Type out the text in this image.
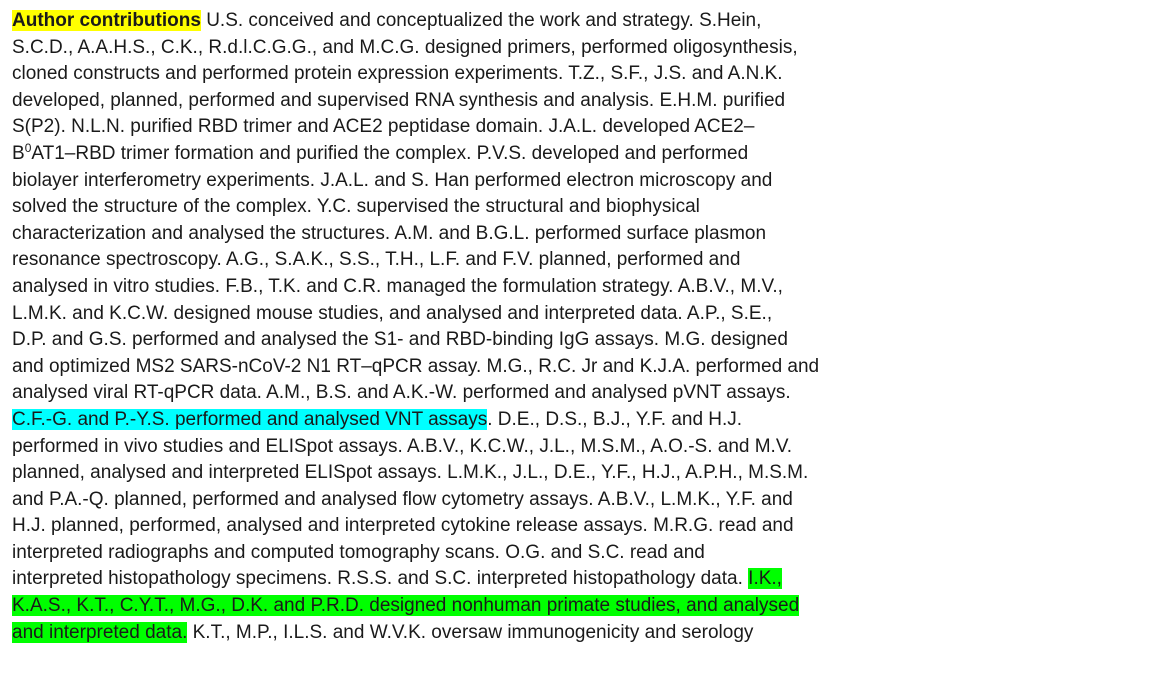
Author contributions U.S. conceived and conceptualized the work and strategy. S.Hein,
S.C.D., A.A.H.S., C.K., R.d.l.C.G.G., and M.C.G. designed primers, performed oligosynthesis,
cloned constructs and performed protein expression experiments. T.Z., S.F., J.S. and A.N.K.
developed, planned, performed and supervised RNA synthesis and analysis. E.H.M. purified
S(P2). N.L.N. purified RBD trimer and ACE2 peptidase domain. J.A.L. developed ACE2–
$B^0AT1$–RBD trimer formation and purified the complex. P.V.S. developed and performed
biolayer interferometry experiments. J.A.L. and S. Han performed electron microscopy and
solved the structure of the complex. Y.C. supervised the structural and biophysical
characterization and analysed the structures. A.M. and B.G.L. performed surface plasmon
resonance spectroscopy. A.G., S.A.K., S.S., T.H., L.F. and F.V. planned, performed and
analysed in vitro studies. F.B., T.K. and C.R. managed the formulation strategy. A.B.V., M.V.,
L.M.K. and K.C.W. designed mouse studies, and analysed and interpreted data. A.P., S.E.,
D.P. and G.S. performed and analysed the S1- and RBD-binding IgG assays. M.G. designed
and optimized MS2 SARS-nCoV-2 N1 RT–qPCR assay. M.G., R.C. Jr and K.J.A. performed and
analysed viral RT-qPCR data. A.M., B.S. and A.K.-W. performed and analysed pVNT assays.
C.F.-G. and P.-Y.S. performed and analysed VNT assays. D.E., D.S., B.J., Y.F. and H.J.
performed in vivo studies and ELISpot assays. A.B.V., K.C.W., J.L., M.S.M., A.O.-S. and M.V.
planned, analysed and interpreted ELISpot assays. L.M.K., J.L., D.E., Y.F., H.J., A.P.H., M.S.M.
and P.A.-Q. planned, performed and analysed flow cytometry assays. A.B.V., L.M.K., Y.F. and
H.J. planned, performed, analysed and interpreted cytokine release assays. M.R.G. read and
interpreted radiographs and computed tomography scans. O.G. and S.C. read and
interpreted histopathology specimens. R.S.S. and S.C. interpreted histopathology data. I.K.,
K.A.S., K.T., C.Y.T., M.G., D.K. and P.R.D. designed nonhuman primate studies, and analysed
and interpreted data. K.T., M.P., I.L.S. and W.V.K. oversaw immunogenicity and serology
